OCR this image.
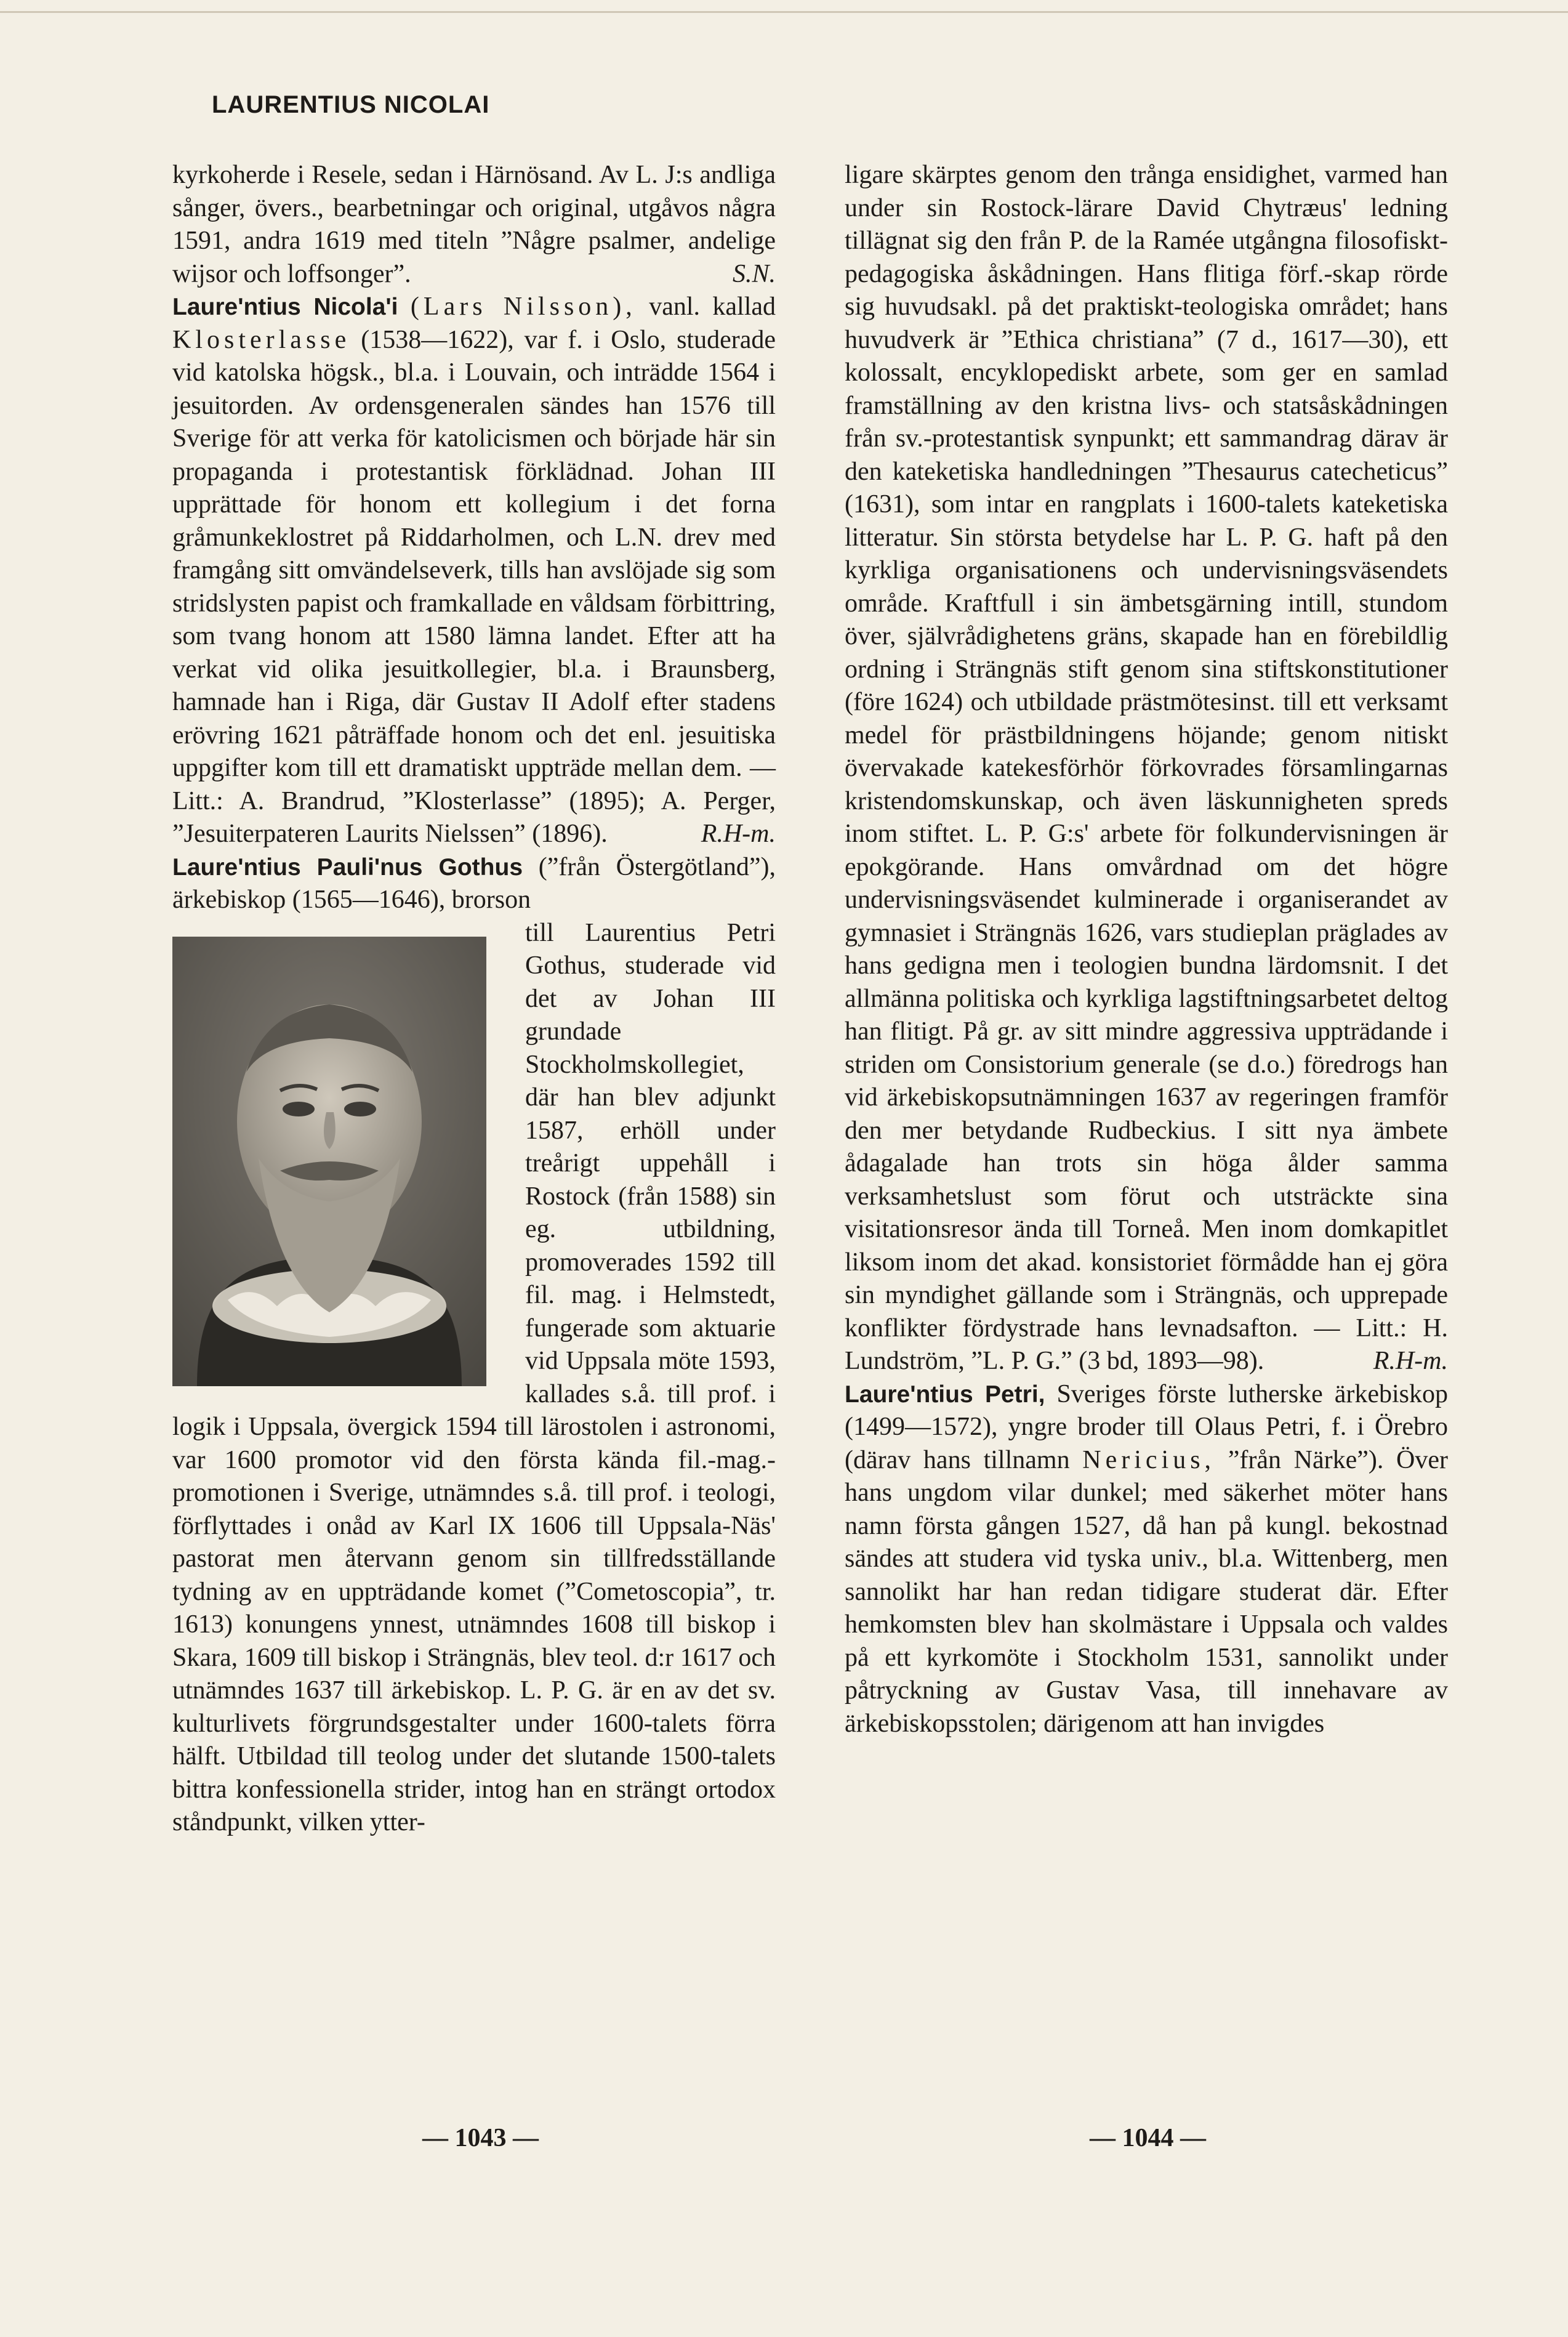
LAURENTIUS NICOLAI

kyrkoherde i Resele, sedan i Härnösand. Av L. J:s andliga sånger, övers., bearbetningar och original, utgåvos några 1591, andra 1619 med titeln ”Någre psalmer, andelige wijsor och loffsonger”.	S.N.

Laure'ntius Nicola'i (Lars Nilsson), vanl. kallad Klosterlasse (1538—1622), var f. i Oslo, studerade vid katolska högsk., bl.a. i Louvain, och inträdde 1564 i jesuitorden. Av ordensgeneralen sändes han 1576 till Sverige för att verka för katolicismen och började här sin propaganda i protestantisk förklädnad. Johan III upprättade för honom ett kollegium i det forna gråmunkeklostret på Riddarholmen, och L.N. drev med framgång sitt omvändelseverk, tills han avslöjade sig som stridslysten papist och framkallade en våldsam förbittring, som tvang honom att 1580 lämna landet. Efter att ha verkat vid olika jesuitkollegier, bl.a. i Braunsberg, hamnade han i Riga, där Gustav II Adolf efter stadens erövring 1621 påträffade honom och det enl. jesuitiska uppgifter kom till ett dramatiskt uppträde mellan dem. — Litt.: A. Brandrud, ”Klosterlasse” (1895); A. Perger, ”Jesuiterpateren Laurits Nielssen” (1896).	R.H-m.

Laure'ntius Pauli'nus Gothus (”från Östergötland”), ärkebiskop (1565—1646), brorson

till Laurentius Petri Gothus, studerade vid det av Johan III grundade Stockholmskollegiet, där han blev adjunkt 1587, erhöll under treårigt uppehåll i Rostock (från 1588) sin eg. utbildning, promoverades 1592 till fil. mag. i Helmstedt, fungerade som aktuarie vid Uppsala möte 1593, kallades s.å. till prof. i logik i Uppsala, övergick 1594 till lärostolen i astronomi, var 1600 promotor vid den första kända fil.-mag.-promotionen i Sverige, utnämndes s.å. till prof. i teologi, förflyttades i onåd av Karl IX 1606 till Uppsala-Näs' pastorat men återvann genom sin tillfredsställande tydning av en uppträdande komet (”Cometoscopia”, tr. 1613) konungens ynnest, utnämndes 1608 till biskop i Skara, 1609 till biskop i Strängnäs, blev teol. d:r 1617 och utnämndes 1637 till ärkebiskop. L. P. G. är en av det sv. kulturlivets förgrundsgestalter under 1600-talets förra hälft. Utbildad till teolog under det slutande 1500-talets bittra konfessionella strider, intog han en strängt ortodox ståndpunkt, vilken ytter-

ligare skärptes genom den trånga ensidighet, varmed han under sin Rostock-lärare David Chytræus' ledning tillägnat sig den från P. de la Ramée utgångna filosofiskt-pedagogiska åskådningen. Hans flitiga förf.-skap rörde sig huvudsakl. på det praktiskt-teologiska området; hans huvudverk är ”Ethica christiana” (7 d., 1617—30), ett kolossalt, encyklopediskt arbete, som ger en samlad framställning av den kristna livs- och statsåskådningen från sv.-protestantisk synpunkt; ett sammandrag därav är den kateketiska handledningen ”Thesaurus catecheticus” (1631), som intar en rangplats i 1600-talets kateketiska litteratur. Sin största betydelse har L. P. G. haft på den kyrkliga organisationens och undervisningsväsendets område. Kraftfull i sin ämbetsgärning intill, stundom över, självrådighetens gräns, skapade han en förebildlig ordning i Strängnäs stift genom sina stiftskonstitutioner (före 1624) och utbildade prästmötesinst. till ett verksamt medel för prästbildningens höjande; genom nitiskt övervakade katekesförhör förkovrades församlingarnas kristendomskunskap, och även läskunnigheten spreds inom stiftet. L. P. G:s' arbete för folkundervisningen är epokgörande. Hans omvårdnad om det högre undervisningsväsendet kulminerade i organiserandet av gymnasiet i Strängnäs 1626, vars studieplan präglades av hans gedigna men i teologien bundna lärdomsnit. I det allmänna politiska och kyrkliga lagstiftningsarbetet deltog han flitigt. På gr. av sitt mindre aggressiva uppträdande i striden om Consistorium generale (se d.o.) föredrogs han vid ärkebiskopsutnämningen 1637 av regeringen framför den mer betydande Rudbeckius. I sitt nya ämbete ådagalade han trots sin höga ålder samma verksamhetslust som förut och utsträckte sina visitationsresor ända till Torneå. Men inom domkapitlet liksom inom det akad. konsistoriet förmådde han ej göra sin myndighet gällande som i Strängnäs, och upprepade konflikter fördystrade hans levnadsafton. — Litt.: H. Lundström, ”L. P. G.” (3 bd, 1893—98).	R.H-m.

Laure'ntius Petri, Sveriges förste lutherske ärkebiskop (1499—1572), yngre broder till Olaus Petri, f. i Örebro (därav hans tillnamn Nericius, ”från Närke”). Över hans ungdom vilar dunkel; med säkerhet möter hans namn första gången 1527, då han på kungl. bekostnad sändes att studera vid tyska univ., bl.a. Wittenberg, men sannolikt har han redan tidigare studerat där. Efter hemkomsten blev han skolmästare i Uppsala och valdes på ett kyrkomöte i Stockholm 1531, sannolikt under påtryckning av Gustav Vasa, till innehavare av ärkebiskopsstolen; därigenom att han invigdes

— 1043 —	— 1044 —
